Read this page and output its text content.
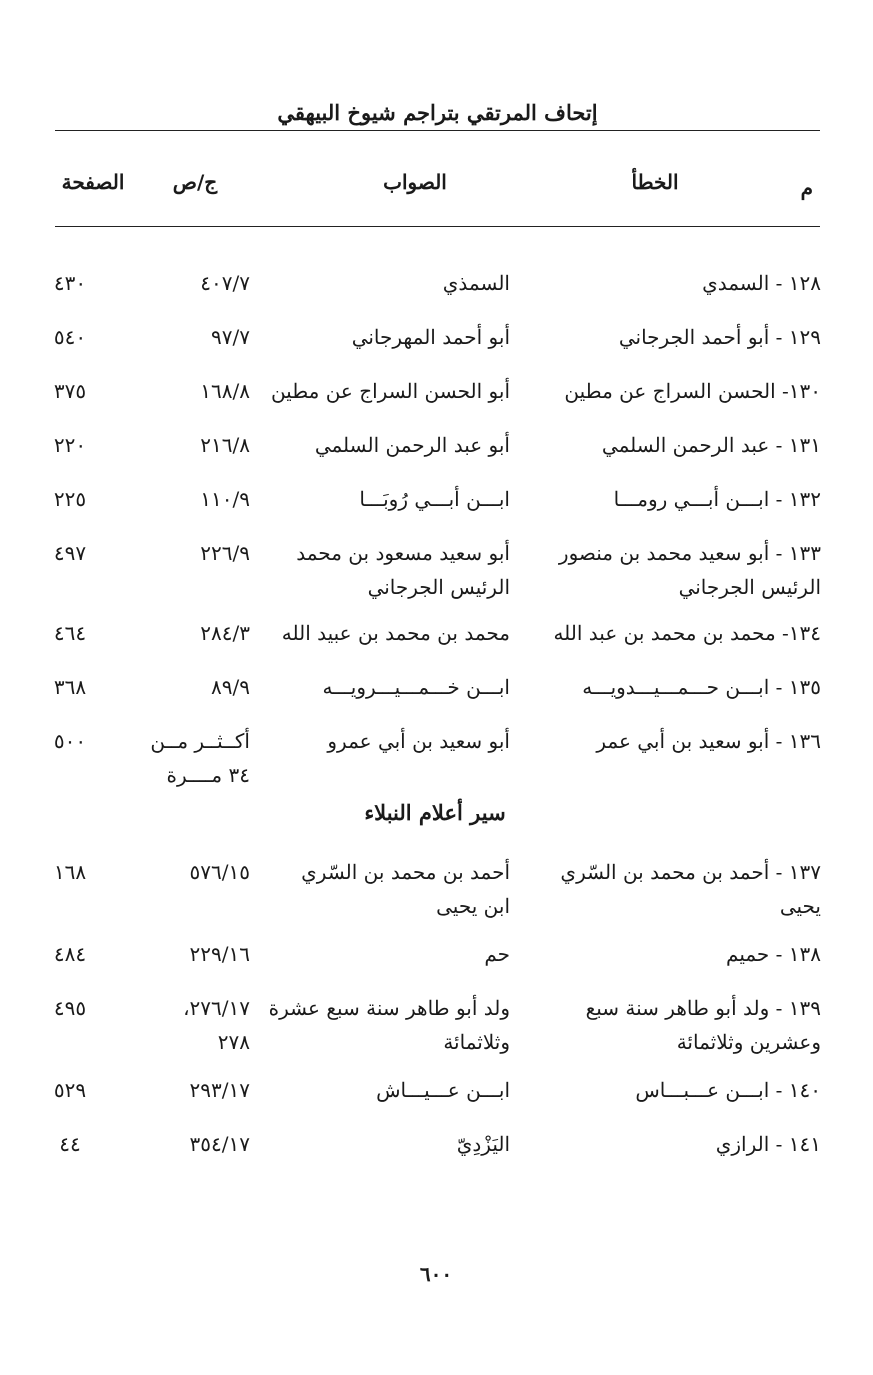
إتحاف المرتقي بتراجم شيوخ البيهقي
م
الخطأ
الصواب
ج/ص
الصفحة
١٢٨ - السمدي
السمذي
٤٠٧/٧
٤٣٠
١٢٩ - أبو أحمد الجرجاني
أبو أحمد المهرجاني
٩٧/٧
٥٤٠
١٣٠- الحسن السراج عن مطين
أبو الحسن السراج عن مطين
١٦٨/٨
٣٧٥
١٣١ - عبد الرحمن السلمي
أبو عبد الرحمن السلمي
٢١٦/٨
٢٢٠
١٣٢ - ابـــن أبـــي رومـــا
ابـــن أبـــي رُوبَـــا
١١٠/٩
٢٢٥
١٣٣ - أبو سعيد محمد بن منصور
الرئيس الجرجاني
أبو سعيد مسعود بن محمد
الرئيس الجرجاني
٢٢٦/٩
٤٩٧
١٣٤- محمد بن محمد بن عبد الله
محمد بن محمد بن عبيد الله
٢٨٤/٣
٤٦٤
١٣٥ - ابـــن حـــمـــيـــدويـــه
ابـــن خـــمـــيـــرويـــه
٨٩/٩
٣٦٨
١٣٦ - أبو سعيد بن أبي عمر
أبو سعيد بن أبي عمرو
أكــثــر مــن
٣٤ مــــرة
٥٠٠
سير أعلام النبلاء
١٣٧ - أحمد بن محمد بن السّري
يحيى
أحمد بن محمد بن السّري
ابن يحيى
٥٧٦/١٥
١٦٨
١٣٨ - حميم
حم
٢٢٩/١٦
٤٨٤
١٣٩ - ولد أبو طاهر سنة سبع
وعشرين وثلاثمائة
ولد أبو طاهر سنة سبع عشرة
وثلاثمائة
٢٧٦/١٧،
٢٧٨
٤٩٥
١٤٠ - ابـــن عـــبـــاس
ابـــن عـــيـــاش
٢٩٣/١٧
٥٢٩
١٤١ - الرازي
اليَزْدِيّ
٣٥٤/١٧
٤٤
٦٠٠
